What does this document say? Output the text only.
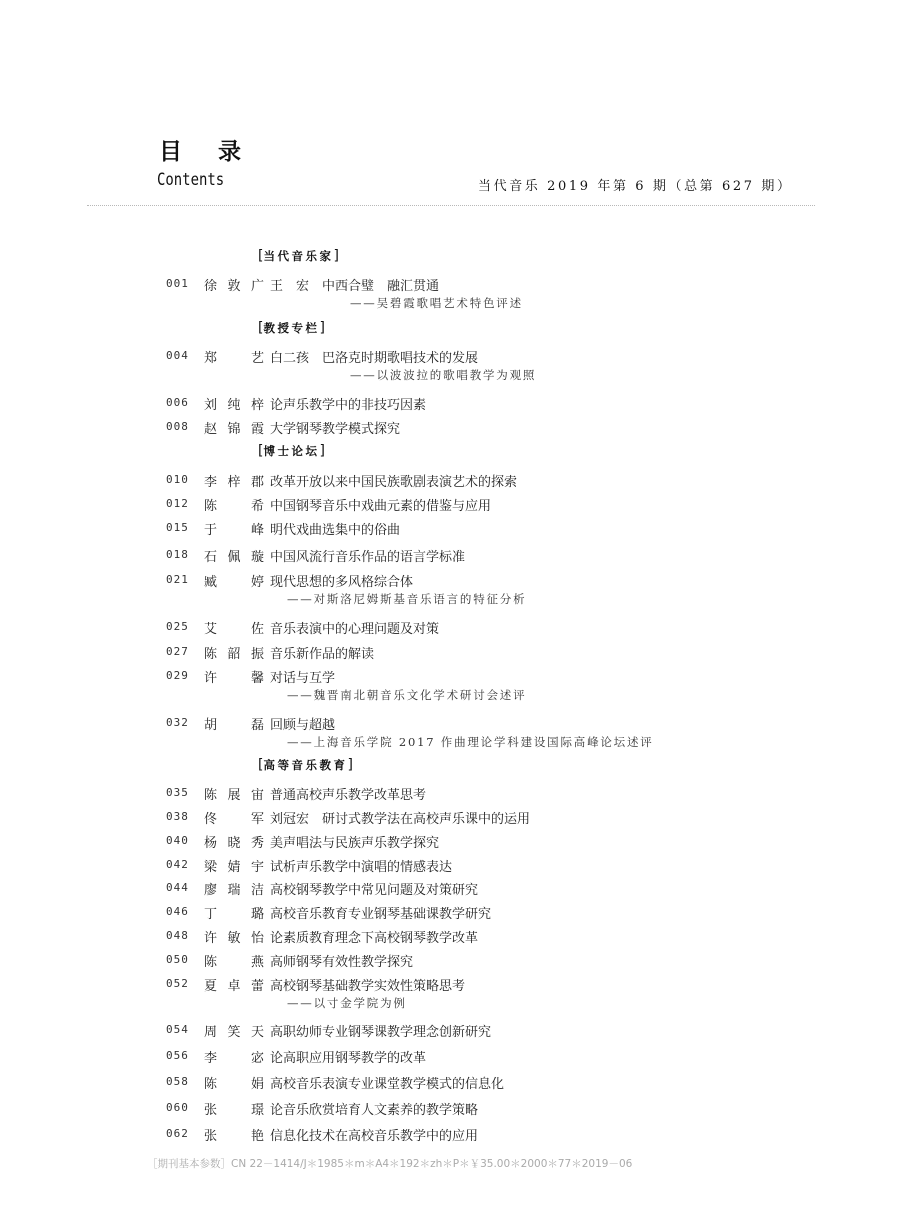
目 录
Contents	当代音乐 2019 年第 6 期（总第 627 期）
[当代音乐家]
[教授专栏]
[博士论坛]
[高等音乐教育]
001 徐敦广 王　宏　中西合璧　融汇贯通
——吴碧霞歌唱艺术特色评述
004 郑　艺 白二孩　巴洛克时期歌唱技术的发展
——以波波拉的歌唱教学为观照
006 刘纯梓 论声乐教学中的非技巧因素
008 赵锦霞 大学钢琴教学模式探究
010 李梓郡 改革开放以来中国民族歌剧表演艺术的探索
012 陈　希 中国钢琴音乐中戏曲元素的借鉴与应用
015 于　峰 明代戏曲选集中的俗曲
018 石佩璇 中国风流行音乐作品的语言学标准
021 臧　婷 现代思想的多风格综合体
——对斯洛尼姆斯基音乐语言的特征分析
025 艾　佐 音乐表演中的心理问题及对策
027 陈韶振 音乐新作品的解读
029 许　馨 对话与互学
——魏晋南北朝音乐文化学术研讨会述评
032 胡　磊 回顾与超越
——上海音乐学院 2017 作曲理论学科建设国际高峰论坛述评
035 陈展宙 普通高校声乐教学改革思考
038 佟　军 刘冠宏　研讨式教学法在高校声乐课中的运用
040 杨晓秀 美声唱法与民族声乐教学探究
042 梁婧宇 试析声乐教学中演唱的情感表达
044 廖瑞洁 高校钢琴教学中常见问题及对策研究
046 丁　璐 高校音乐教育专业钢琴基础课教学研究
048 许敏怡 论素质教育理念下高校钢琴教学改革
050 陈　燕 高师钢琴有效性教学探究
052 夏卓蕾 高校钢琴基础教学实效性策略思考
——以寸金学院为例
054 周笑天 高职幼师专业钢琴课教学理念创新研究
056 李　宓 论高职应用钢琴教学的改革
058 陈　娟 高校音乐表演专业课堂教学模式的信息化
060 张　璟 论音乐欣赏培育人文素养的教学策略
062 张　艳 信息化技术在高校音乐教学中的应用
［期刊基本参数］CN 22－1414/J＊1985＊m＊A4＊192＊zh＊P＊￥35.00＊2000＊77＊2019－06
